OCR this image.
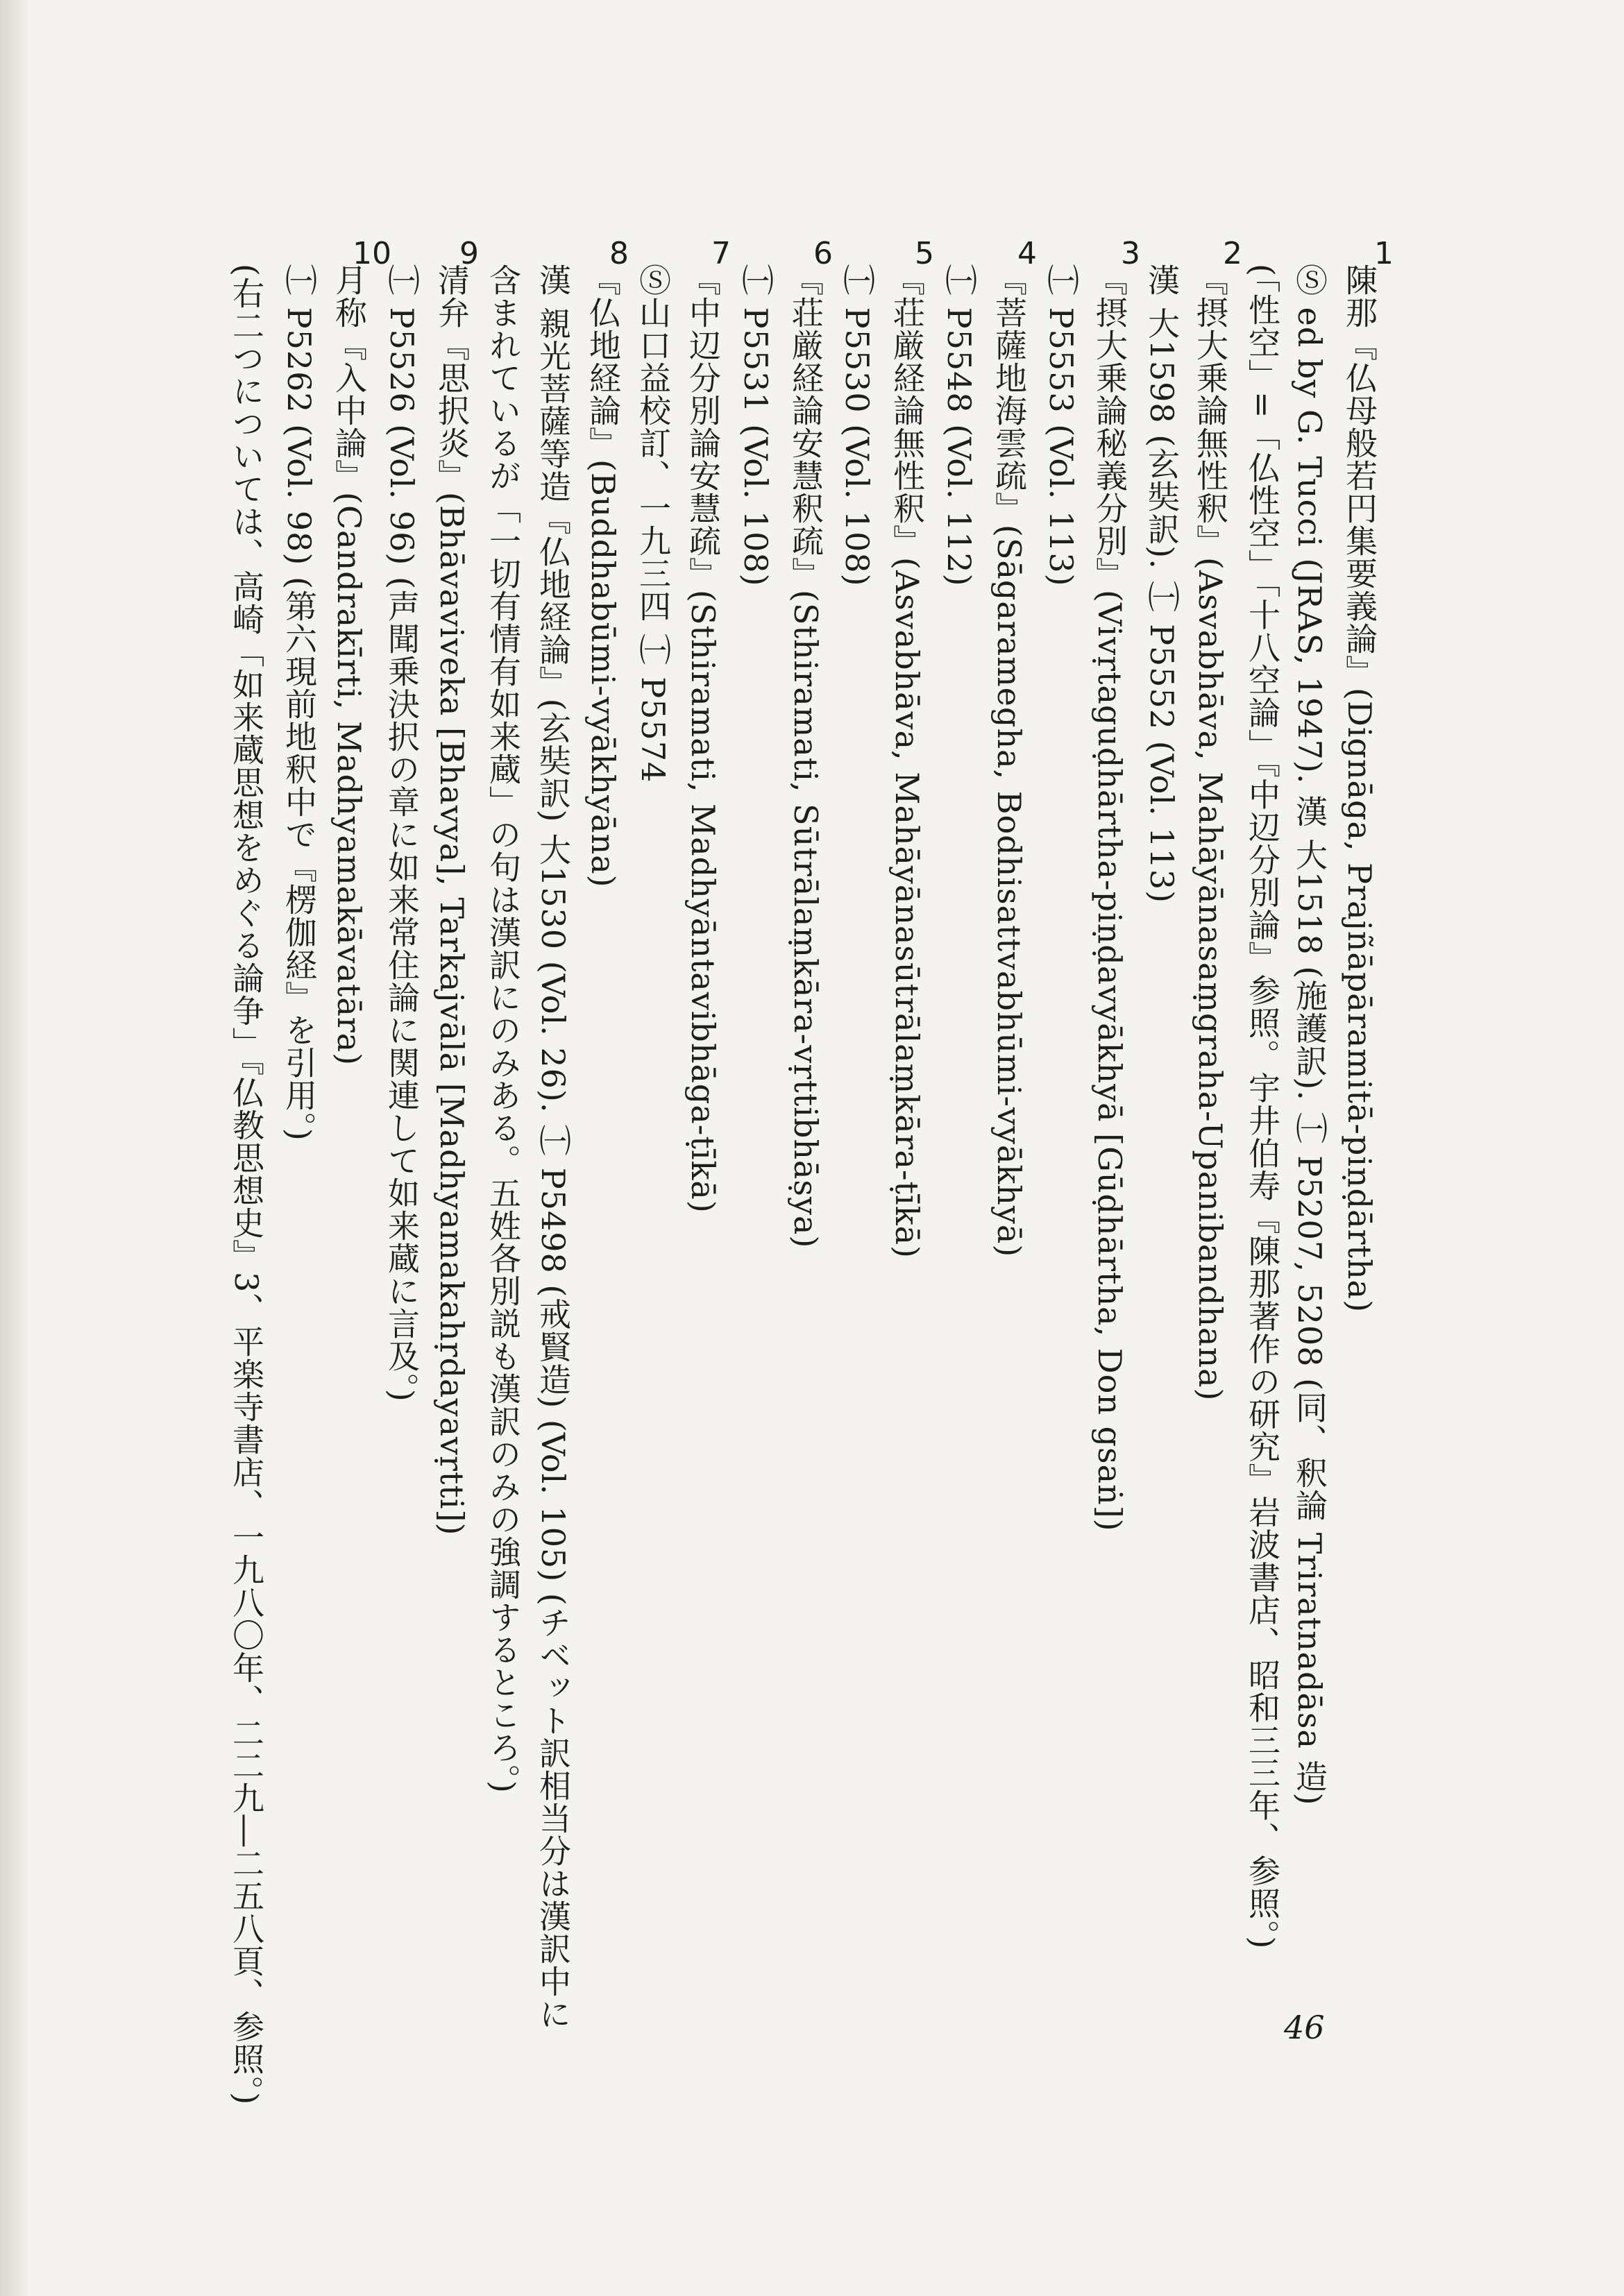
1
2
3
4
5
6
7
8
9
10
陳那『仏母般若円集要義論』(Dignāga, Prajñāpāramitā-piṇḍārtha)
Ⓢ ed by G. Tucci (JRAS, 1947). 漢 大1518 (施護訳). ㈠ P5207, 5208 (同、釈論 Triratnadāsa 造)
(「性空」=「仏性空」「十八空論」『中辺分別論』参照。宇井伯寿『陳那著作の研究』岩波書店、昭和三三年、参照。)
『摂大乗論無性釈』(Asvabhāva, Mahāyānasaṃgraha-Upanibandhana)
漢 大1598 (玄奘訳). ㈠ P5552 (Vol. 113)
『摂大乗論秘義分別』(Vivṛtaguḍhārtha-piṇḍavyākhyā [Gūḍhārtha, Don gsaṅ])
㈠ P5553 (Vol. 113)
『菩薩地海雲疏』(Sāgaramegha, Bodhisattvabhūmi-vyākhyā)
㈠ P5548 (Vol. 112)
『荘厳経論無性釈』(Asvabhāva, Mahāyānasūtrālaṃkāra-ṭīkā)
㈠ P5530 (Vol. 108)
『荘厳経論安慧釈疏』(Sthiramati, Sūtrālaṃkāra-vṛttibhāṣya)
㈠ P5531 (Vol. 108)
『中辺分別論安慧疏』(Sthiramati, Madhyāntavibhāga-ṭīkā)
Ⓢ山口益校訂、一九三四 ㈠ P5574
『仏地経論』(Buddhabūmi-vyākhyāna)
漢 親光菩薩等造『仏地経論』(玄奘訳) 大1530 (Vol. 26). ㈠ P5498 (戒賢造) (Vol. 105) (チベット訳相当分は漢訳中に
含まれているが「一切有情有如来蔵」の句は漢訳にのみある。五姓各別説も漢訳のみの強調するところ。)
清弁『思択炎』(Bhāvaviveka [Bhavya], Tarkajvālā [Madhyamakahṛdayavṛtti])
㈠ P5526 (Vol. 96) (声聞乗決択の章に如来常住論に関連して如来蔵に言及。)
月称『入中論』(Candrakīrti, Madhyamakāvatāra)
㈠ P5262 (Vol. 98) (第六現前地釈中で『楞伽経』を引用。)
(右二つについては、高崎「如来蔵思想をめぐる論争」『仏教思想史』3、平楽寺書店、一九八〇年、二二九―二五八頁、参照。)	46
